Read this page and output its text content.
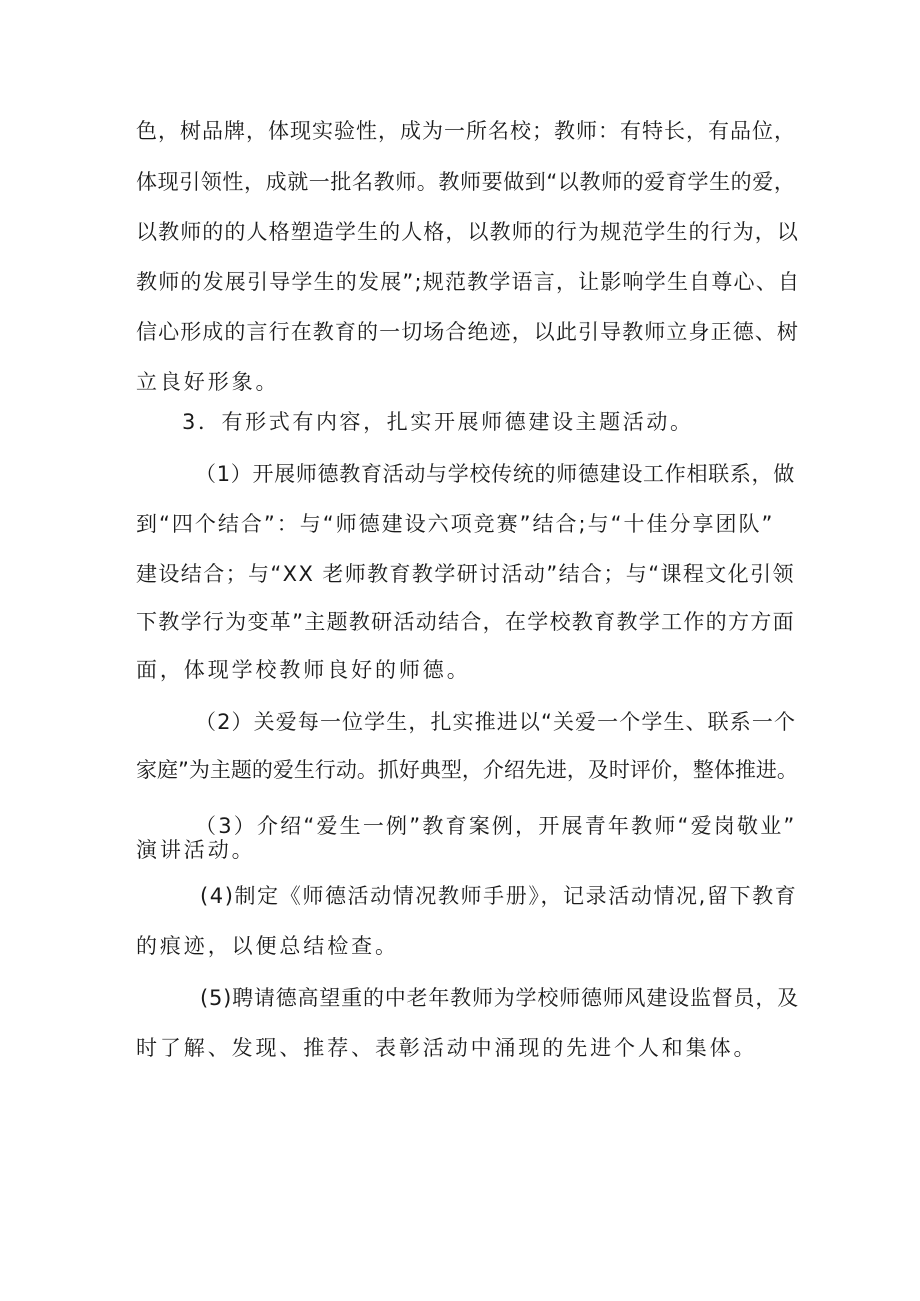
色，树品牌，体现实验性，成为一所名校；教师：有特长，有品位，
体现引领性，成就一批名教师。教师要做到“以教师的爱育学生的爱，
以教师的的人格塑造学生的人格，以教师的行为规范学生的行为，以
教师的发展引导学生的发展”;规范教学语言，让影响学生自尊心、自
信心形成的言行在教育的一切场合绝迹，以此引导教师立身正德、树
立良好形象。
3．有形式有内容，扎实开展师德建设主题活动。
（1）开展师德教育活动与学校传统的师德建设工作相联系，做
到“四个结合”：与“师德建设六项竞赛”结合;与“十佳分享团队”
建设结合；与“XX 老师教育教学研讨活动”结合；与“课程文化引领
下教学行为变革”主题教研活动结合，在学校教育教学工作的方方面
面，体现学校教师良好的师德。
（2）关爱每一位学生，扎实推进以“关爱一个学生、联系一个
家庭”为主题的爱生行动。抓好典型，介绍先进，及时评价，整体推进。
（3）介绍“爱生一例”教育案例，开展青年教师“爱岗敬业”
演讲活动。
(4)制定《师德活动情况教师手册》，记录活动情况,留下教育
的痕迹，以便总结检查。
(5)聘请德高望重的中老年教师为学校师德师风建设监督员，及
时了解、发现、推荐、表彰活动中涌现的先进个人和集体。
